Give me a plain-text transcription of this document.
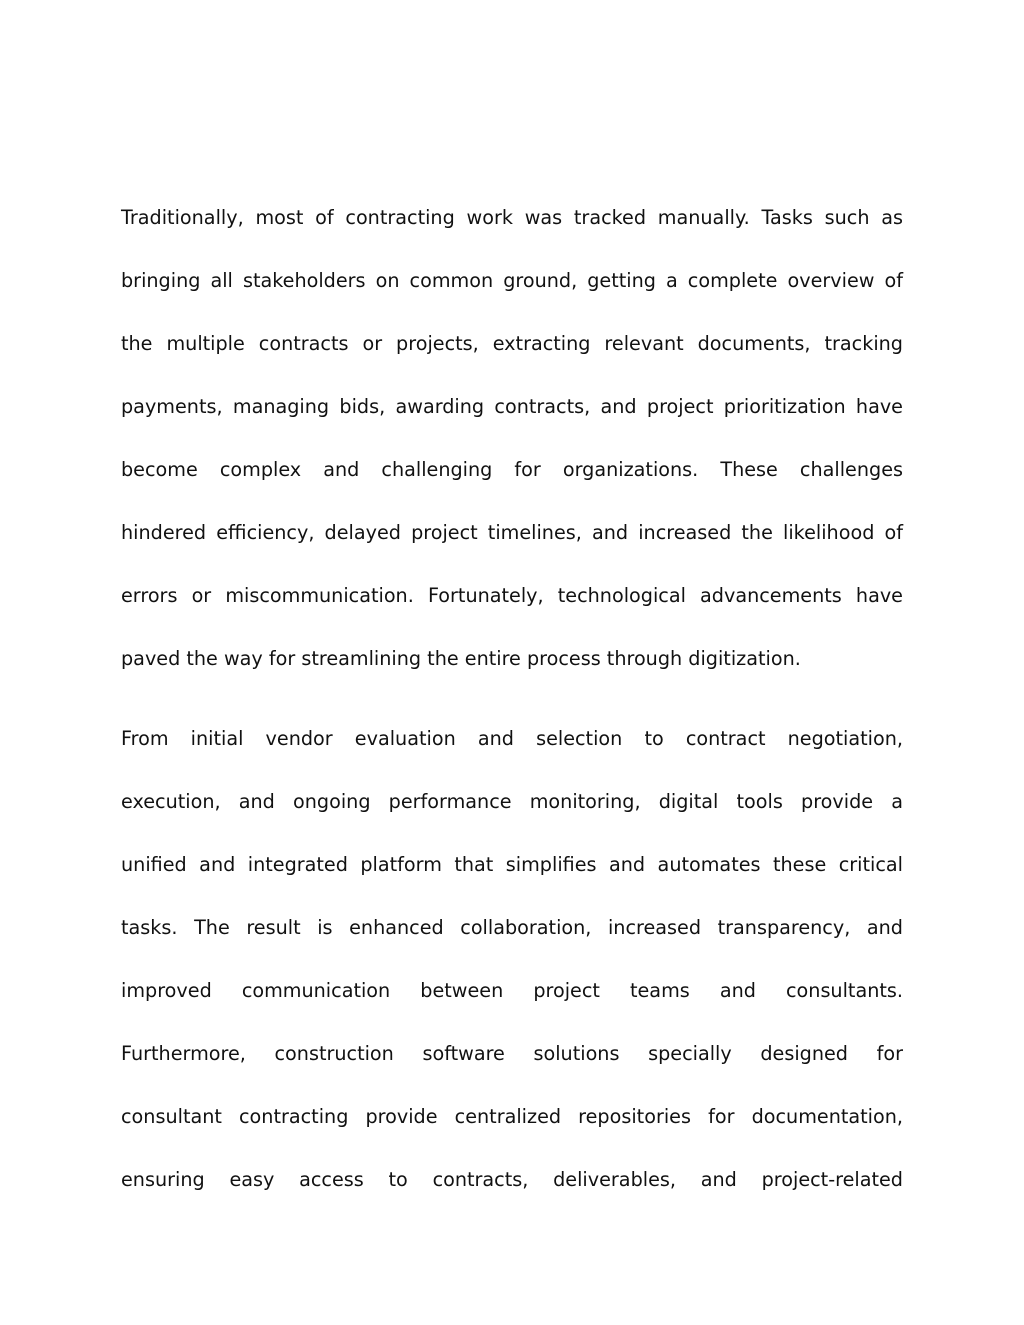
Traditionally, most of contracting work was tracked manually. Tasks such as
bringing all stakeholders on common ground, getting a complete overview of
the multiple contracts or projects, extracting relevant documents, tracking
payments, managing bids, awarding contracts, and project prioritization have
become complex and challenging for organizations. These challenges
hindered efficiency, delayed project timelines, and increased the likelihood of
errors or miscommunication. Fortunately, technological advancements have
paved the way for streamlining the entire process through digitization.
From initial vendor evaluation and selection to contract negotiation,
execution, and ongoing performance monitoring, digital tools provide a
unified and integrated platform that simplifies and automates these critical
tasks. The result is enhanced collaboration, increased transparency, and
improved communication between project teams and consultants.
Furthermore, construction software solutions specially designed for
consultant contracting provide centralized repositories for documentation,
ensuring easy access to contracts, deliverables, and project-related
